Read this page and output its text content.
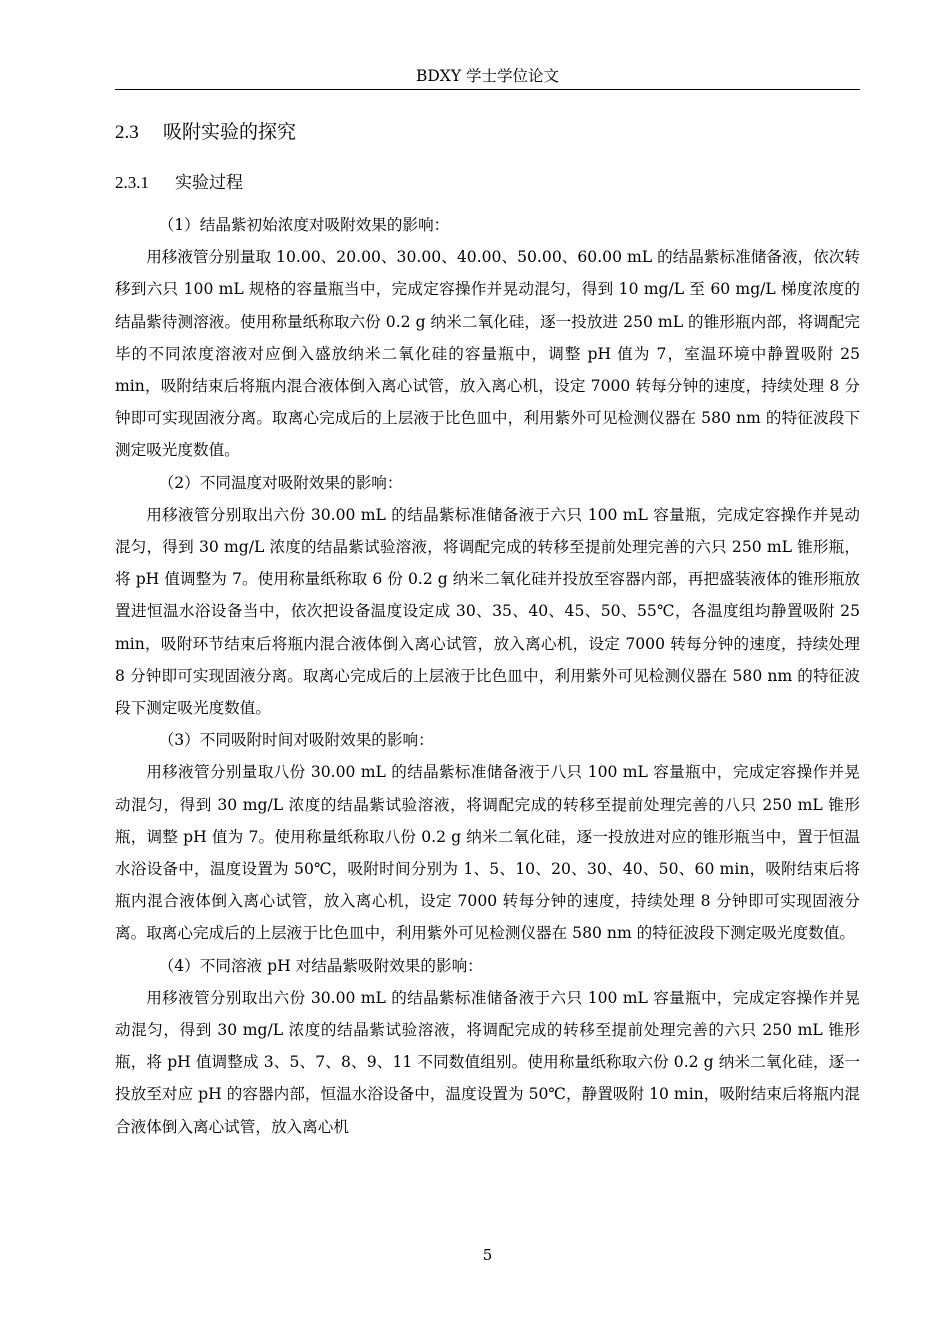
BDXY 学士学位论文
2.3 吸附实验的探究
2.3.1 实验过程

（1）结晶紫初始浓度对吸附效果的影响：

用移液管分别量取 10.00、20.00、30.00、40.00、50.00、60.00 mL 的结晶紫标准储备液，依次转移到六只 100 mL 规格的容量瓶当中，完成定容操作并晃动混匀，得到 10 mg/L 至 60 mg/L 梯度浓度的结晶紫待测溶液。使用称量纸称取六份 0.2 g 纳米二氧化硅，逐一投放进 250 mL 的锥形瓶内部，将调配完毕的不同浓度溶液对应倒入盛放纳米二氧化硅的容量瓶中，调整 pH 值为 7，室温环境中静置吸附 25 min，吸附结束后将瓶内混合液体倒入离心试管，放入离心机，设定 7000 转每分钟的速度，持续处理 8 分钟即可实现固液分离。取离心完成后的上层液于比色皿中，利用紫外可见检测仪器在 580 nm 的特征波段下测定吸光度数值。

（2）不同温度对吸附效果的影响：

用移液管分别取出六份 30.00 mL 的结晶紫标准储备液于六只 100 mL 容量瓶，完成定容操作并晃动混匀，得到 30 mg/L 浓度的结晶紫试验溶液，将调配完成的转移至提前处理完善的六只 250 mL 锥形瓶，将 pH 值调整为 7。使用称量纸称取 6 份 0.2 g 纳米二氧化硅并投放至容器内部，再把盛装液体的锥形瓶放置进恒温水浴设备当中，依次把设备温度设定成 30、35、40、45、50、55℃，各温度组均静置吸附 25 min，吸附环节结束后将瓶内混合液体倒入离心试管，放入离心机，设定 7000 转每分钟的速度，持续处理 8 分钟即可实现固液分离。取离心完成后的上层液于比色皿中，利用紫外可见检测仪器在 580 nm 的特征波段下测定吸光度数值。

（3）不同吸附时间对吸附效果的影响：

用移液管分别量取八份 30.00 mL 的结晶紫标准储备液于八只 100 mL 容量瓶中，完成定容操作并晃动混匀，得到 30 mg/L 浓度的结晶紫试验溶液，将调配完成的转移至提前处理完善的八只 250 mL 锥形瓶，调整 pH 值为 7。使用称量纸称取八份 0.2 g 纳米二氧化硅，逐一投放进对应的锥形瓶当中，置于恒温水浴设备中，温度设置为 50℃，吸附时间分别为 1、5、10、20、30、40、50、60 min，吸附结束后将瓶内混合液体倒入离心试管，放入离心机，设定 7000 转每分钟的速度，持续处理 8 分钟即可实现固液分离。取离心完成后的上层液于比色皿中，利用紫外可见检测仪器在 580 nm 的特征波段下测定吸光度数值。

（4）不同溶液 pH 对结晶紫吸附效果的影响：

用移液管分别取出六份 30.00 mL 的结晶紫标准储备液于六只 100 mL 容量瓶中，完成定容操作并晃动混匀，得到 30 mg/L 浓度的结晶紫试验溶液，将调配完成的转移至提前处理完善的六只 250 mL 锥形瓶，将 pH 值调整成 3、5、7、8、9、11 不同数值组别。使用称量纸称取六份 0.2 g 纳米二氧化硅，逐一投放至对应 pH 的容器内部，恒温水浴设备中，温度设置为 50℃，静置吸附 10 min，吸附结束后将瓶内混合液体倒入离心试管，放入离心机

5
